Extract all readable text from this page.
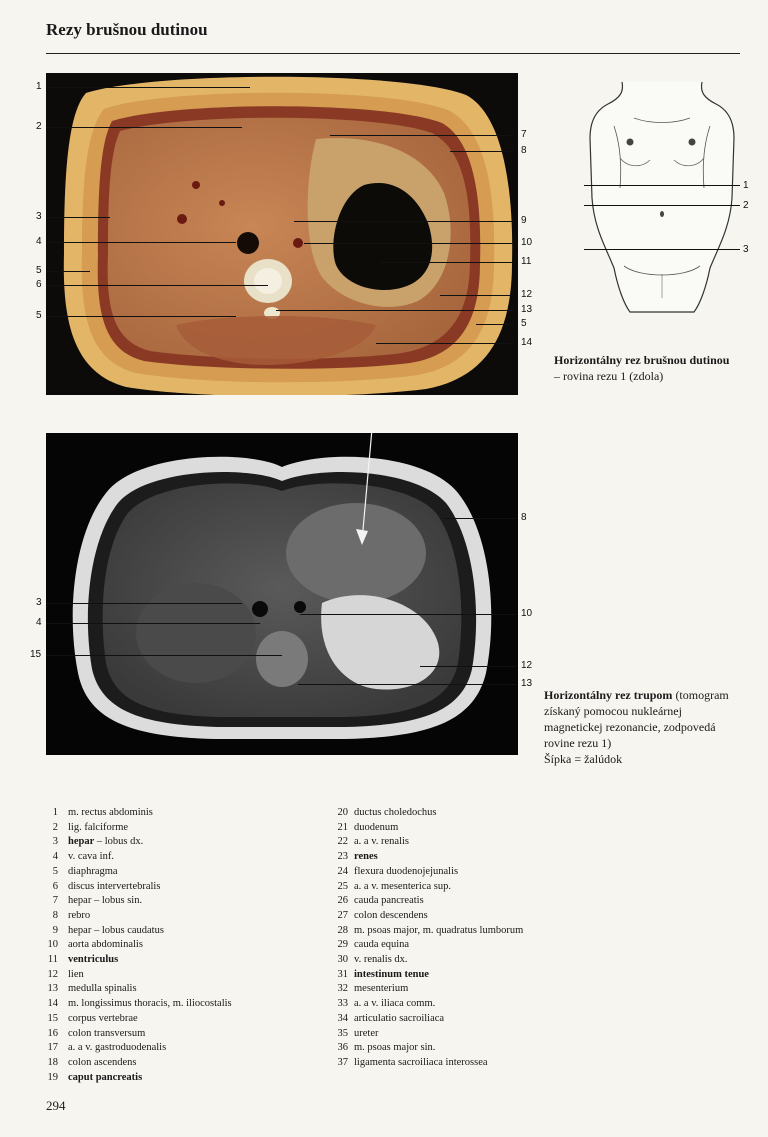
Rezy brušnou dutinou
1
2
3
4
5
6
5
7
8
9
10
11
12
13
5
14
1
2
3
Horizontálny rez brušnou dutinou
– rovina rezu 1 (zdola)
3
4
15
8
10
12
13
Horizontálny rez trupom (tomogram
získaný pomocou nukleárnej
magnetickej rezonancie, zodpovedá
rovine rezu 1)
Šípka = žalúdok
1 m. rectus abdominis
2 lig. falciforme
3 hepar – lobus dx.
4 v. cava inf.
5 diaphragma
6 discus intervertebralis
7 hepar – lobus sin.
8 rebro
9 hepar – lobus caudatus
10 aorta abdominalis
11 ventriculus
12 lien
13 medulla spinalis
14 m. longissimus thoracis, m. iliocostalis
15 corpus vertebrae
16 colon transversum
17 a. a v. gastroduodenalis
18 colon ascendens
19 caput pancreatis
20 ductus choledochus
21 duodenum
22 a. a v. renalis
23 renes
24 flexura duodenojejunalis
25 a. a v. mesenterica sup.
26 cauda pancreatis
27 colon descendens
28 m. psoas major, m. quadratus lumborum
29 cauda equina
30 v. renalis dx.
31 intestinum tenue
32 mesenterium
33 a. a v. iliaca comm.
34 articulatio sacroiliaca
35 ureter
36 m. psoas major sin.
37 ligamenta sacroiliaca interossea
294
